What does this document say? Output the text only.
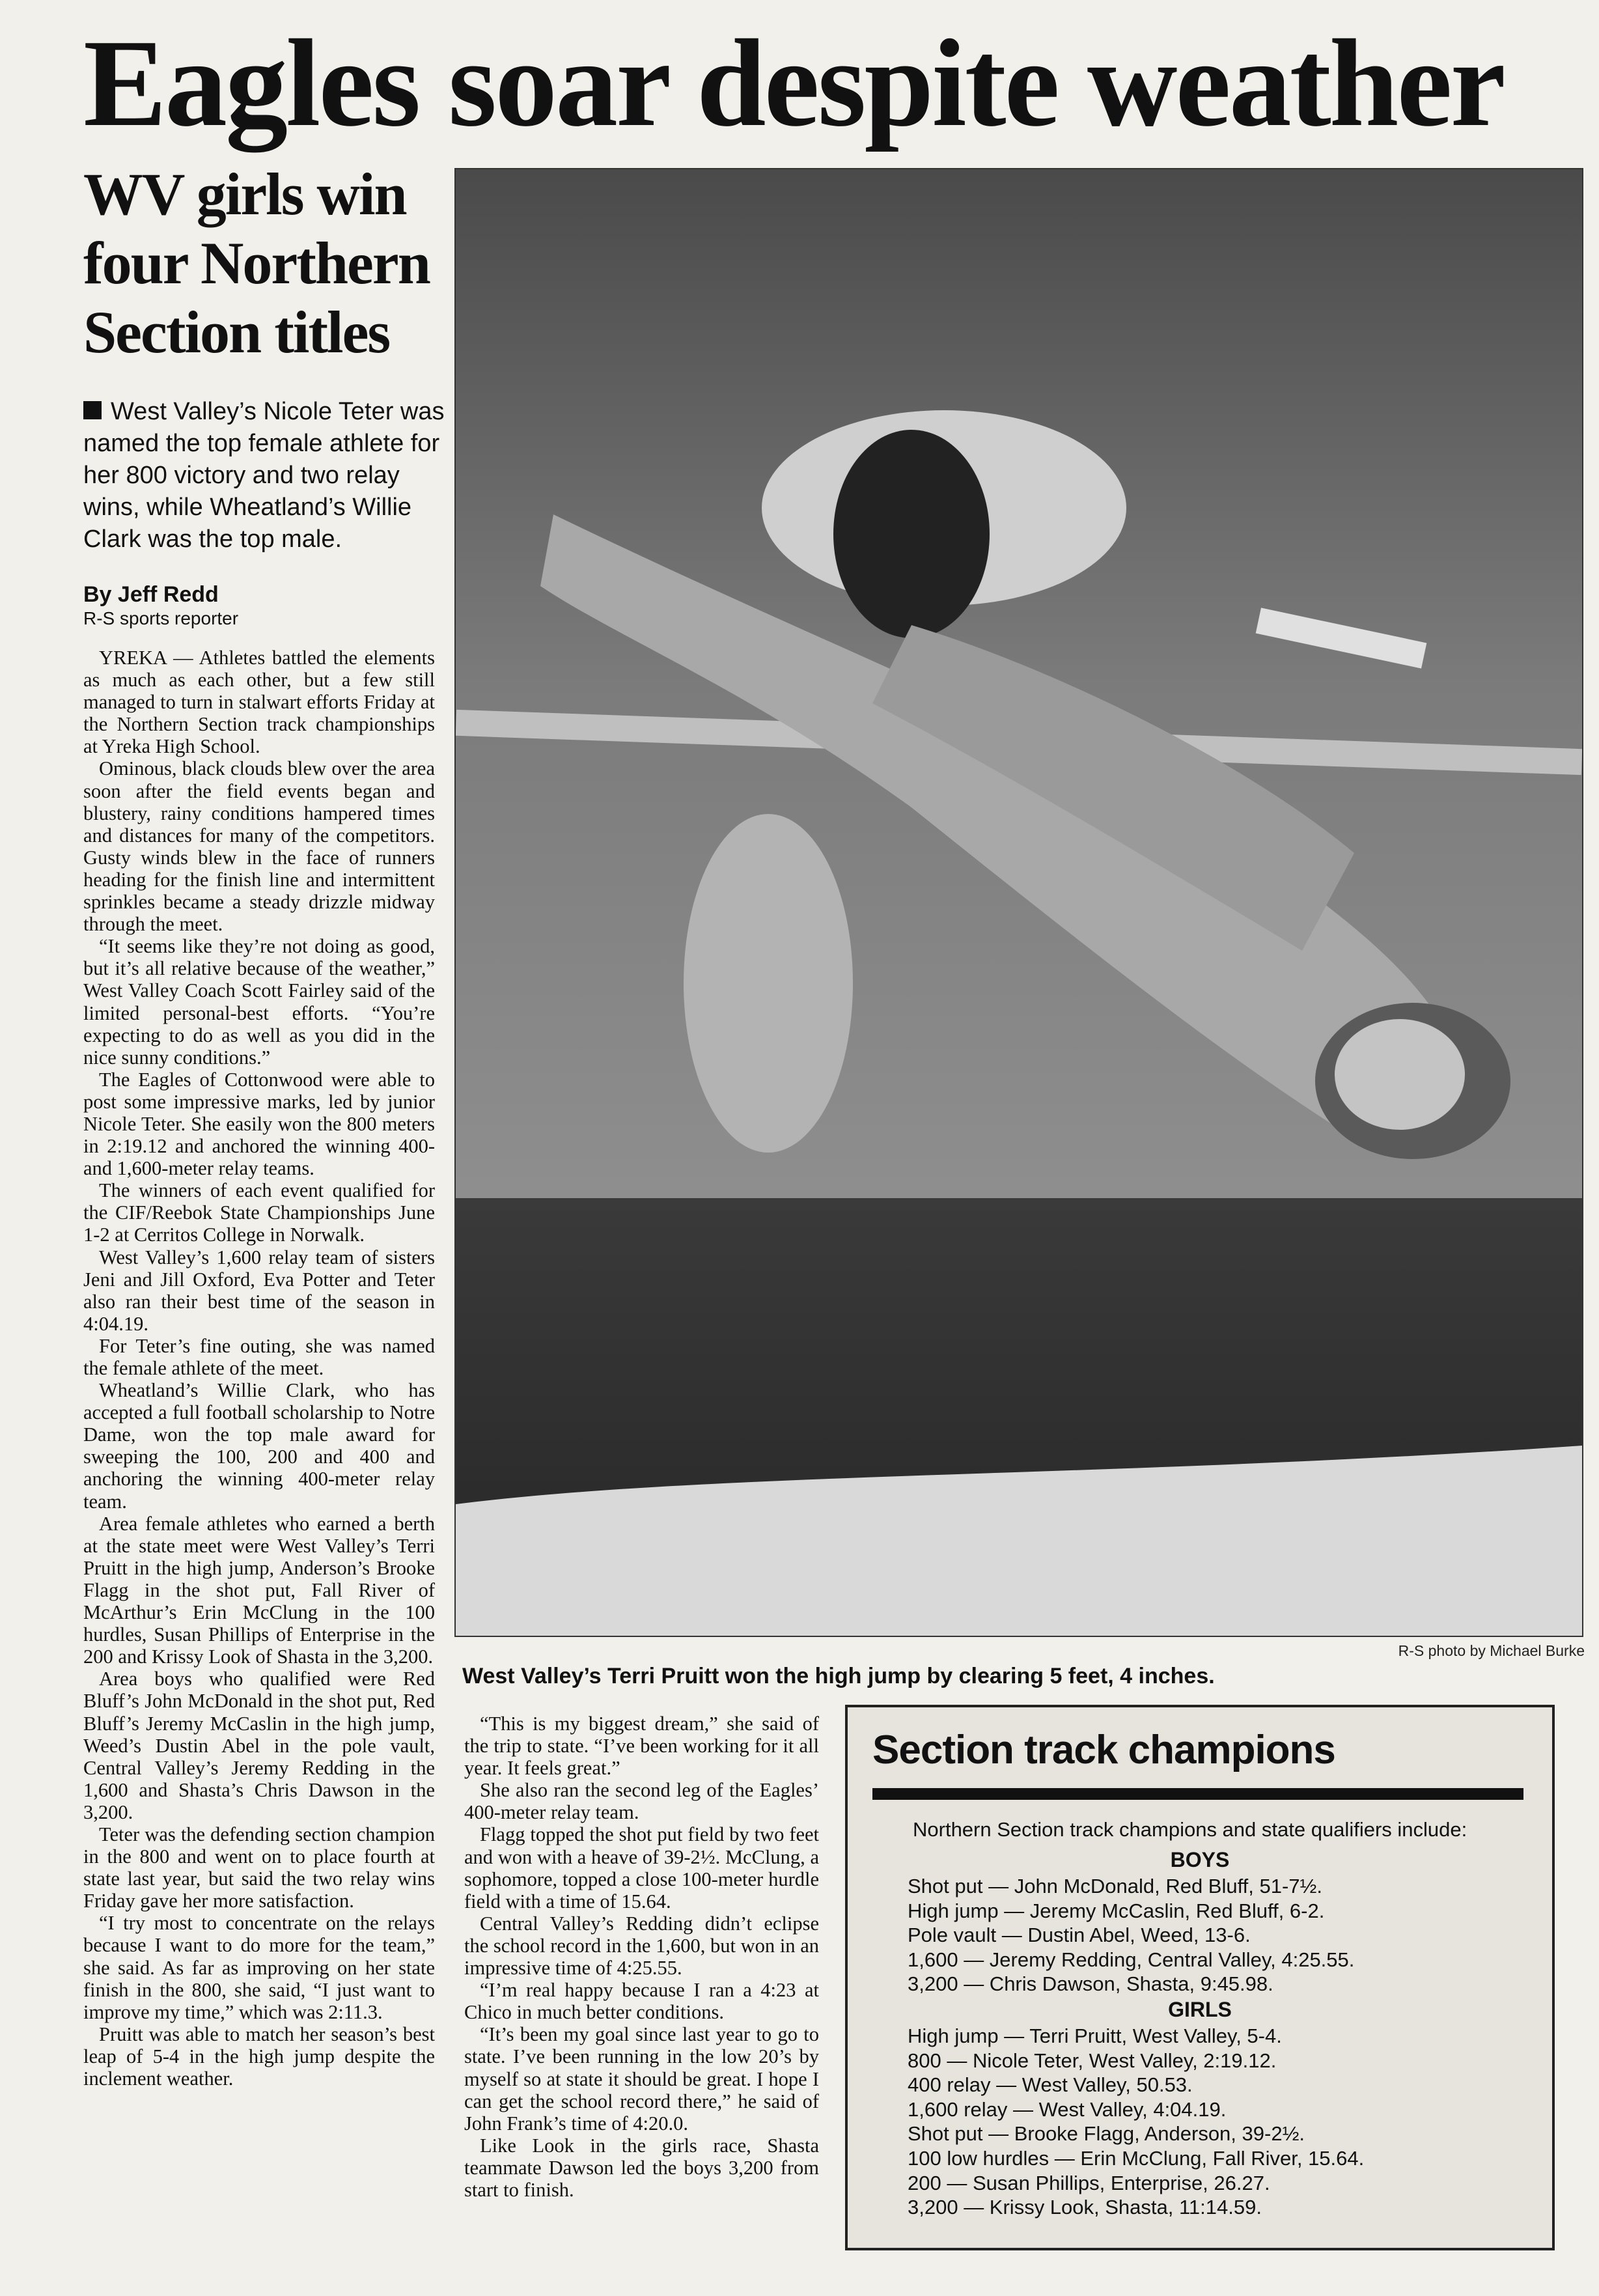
Eagles soar despite weather
WV girls win four Northern Section titles

West Valley’s Nicole Teter was named the top female athlete for her 800 victory and two relay wins, while Wheatland’s Willie Clark was the top male.

By Jeff Redd
R-S sports reporter

YREKA — Athletes battled the elements as much as each other, but a few still managed to turn in stalwart efforts Friday at the Northern Section track championships at Yreka High School.

Ominous, black clouds blew over the area soon after the field events began and blustery, rainy conditions hampered times and distances for many of the competitors. Gusty winds blew in the face of runners heading for the finish line and intermittent sprinkles became a steady drizzle midway through the meet.

“It seems like they’re not doing as good, but it’s all relative because of the weather,” West Valley Coach Scott Fairley said of the limited personal-best efforts. “You’re expecting to do as well as you did in the nice sunny conditions.”

The Eagles of Cottonwood were able to post some impressive marks, led by junior Nicole Teter. She easily won the 800 meters in 2:19.12 and anchored the winning 400- and 1,600-meter relay teams.

The winners of each event qualified for the CIF/Reebok State Championships June 1-2 at Cerritos College in Norwalk.

West Valley’s 1,600 relay team of sisters Jeni and Jill Oxford, Eva Potter and Teter also ran their best time of the season in 4:04.19.

For Teter’s fine outing, she was named the female athlete of the meet.

Wheatland’s Willie Clark, who has accepted a full football scholarship to Notre Dame, won the top male award for sweeping the 100, 200 and 400 and anchoring the winning 400-meter relay team.

Area female athletes who earned a berth at the state meet were West Valley’s Terri Pruitt in the high jump, Anderson’s Brooke Flagg in the shot put, Fall River of McArthur’s Erin McClung in the 100 hurdles, Susan Phillips of Enterprise in the 200 and Krissy Look of Shasta in the 3,200.

Area boys who qualified were Red Bluff’s John McDonald in the shot put, Red Bluff’s Jeremy McCaslin in the high jump, Weed’s Dustin Abel in the pole vault, Central Valley’s Jeremy Redding in the 1,600 and Shasta’s Chris Dawson in the 3,200.

Teter was the defending section champion in the 800 and went on to place fourth at state last year, but said the two relay wins Friday gave her more satisfaction.

“I try most to concentrate on the relays because I want to do more for the team,” she said. As far as improving on her state finish in the 800, she said, “I just want to improve my time,” which was 2:11.3.

Pruitt was able to match her season’s best leap of 5-4 in the high jump despite the inclement weather.

R-S photo by Michael Burke

West Valley’s Terri Pruitt won the high jump by clearing 5 feet, 4 inches.

“This is my biggest dream,” she said of the trip to state. “I’ve been working for it all year. It feels great.”

She also ran the second leg of the Eagles’ 400-meter relay team.

Flagg topped the shot put field by two feet and won with a heave of 39-2½. McClung, a sophomore, topped a close 100-meter hurdle field with a time of 15.64.

Central Valley’s Redding didn’t eclipse the school record in the 1,600, but won in an impressive time of 4:25.55.

“I’m real happy because I ran a 4:23 at Chico in much better conditions.

“It’s been my goal since last year to go to state. I’ve been running in the low 20’s by myself so at state it should be great. I hope I can get the school record there,” he said of John Frank’s time of 4:20.0.

Like Look in the girls race, Shasta teammate Dawson led the boys 3,200 from start to finish.

Section track champions

Northern Section track champions and state qualifiers include:

BOYS
Shot put — John McDonald, Red Bluff, 51-7½.
High jump — Jeremy McCaslin, Red Bluff, 6-2.
Pole vault — Dustin Abel, Weed, 13-6.
1,600 — Jeremy Redding, Central Valley, 4:25.55.
3,200 — Chris Dawson, Shasta, 9:45.98.
GIRLS
High jump — Terri Pruitt, West Valley, 5-4.
800 — Nicole Teter, West Valley, 2:19.12.
400 relay — West Valley, 50.53.
1,600 relay — West Valley, 4:04.19.
Shot put — Brooke Flagg, Anderson, 39-2½.
100 low hurdles — Erin McClung, Fall River, 15.64.
200 — Susan Phillips, Enterprise, 26.27.
3,200 — Krissy Look, Shasta, 11:14.59.
